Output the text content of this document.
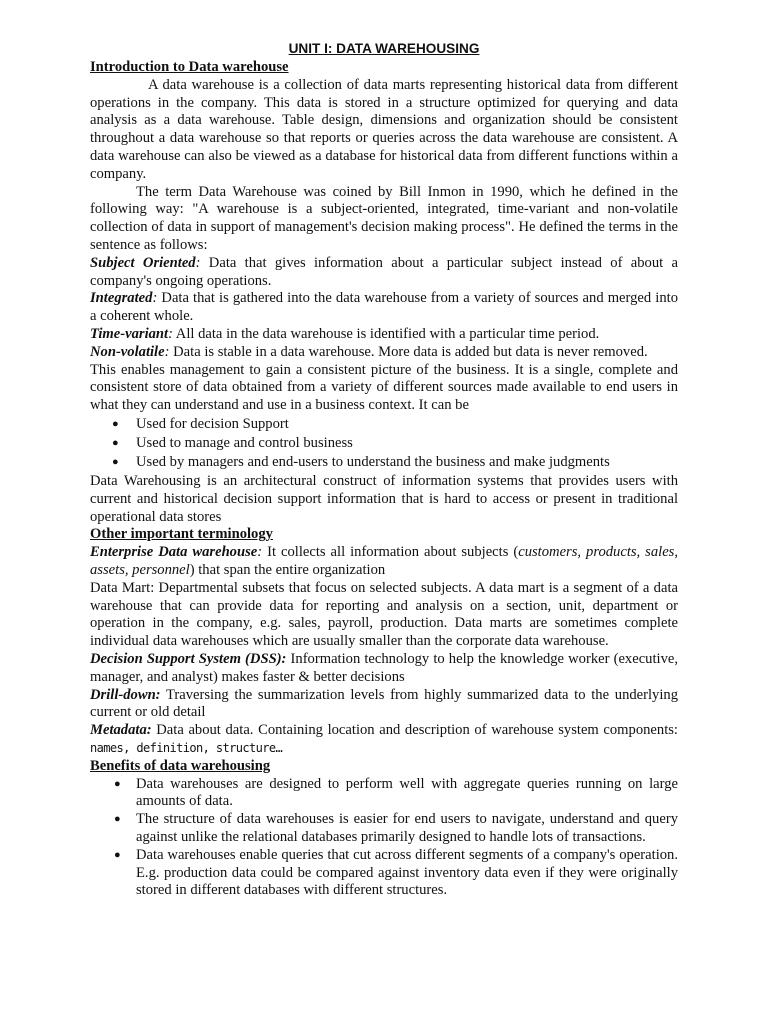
UNIT I: DATA WAREHOUSING
Introduction to Data warehouse

A data warehouse is a collection of data marts representing historical data from different operations in the company. This data is stored in a structure optimized for querying and data analysis as a data warehouse. Table design, dimensions and organization should be consistent throughout a data warehouse so that reports or queries across the data warehouse are consistent. A data warehouse can also be viewed as a database for historical data from different functions within a company.

The term Data Warehouse was coined by Bill Inmon in 1990, which he defined in the following way: "A warehouse is a subject-oriented, integrated, time-variant and non-volatile collection of data in support of management's decision making process". He defined the terms in the sentence as follows:

Subject Oriented: Data that gives information about a particular subject instead of about a company's ongoing operations.

Integrated: Data that is gathered into the data warehouse from a variety of sources and merged into a coherent whole.

Time-variant: All data in the data warehouse is identified with a particular time period.

Non-volatile: Data is stable in a data warehouse. More data is added but data is never removed.

This enables management to gain a consistent picture of the business. It is a single, complete and consistent store of data obtained from a variety of different sources made available to end users in what they can understand and use in a business context. It can be

● Used for decision Support
● Used to manage and control business
● Used by managers and end-users to understand the business and make judgments

Data Warehousing is an architectural construct of information systems that provides users with current and historical decision support information that is hard to access or present in traditional operational data stores

Other important terminology

Enterprise Data warehouse: It collects all information about subjects (customers, products, sales, assets, personnel) that span the entire organization

Data Mart: Departmental subsets that focus on selected subjects. A data mart is a segment of a data warehouse that can provide data for reporting and analysis on a section, unit, department or operation in the company, e.g. sales, payroll, production. Data marts are sometimes complete individual data warehouses which are usually smaller than the corporate data warehouse.

Decision Support System (DSS): Information technology to help the knowledge worker (executive, manager, and analyst) makes faster & better decisions

Drill-down: Traversing the summarization levels from highly summarized data to the underlying current or old detail

Metadata: Data about data. Containing location and description of warehouse system components: names, definition, structure…

Benefits of data warehousing
● Data warehouses are designed to perform well with aggregate queries running on large amounts of data.
● The structure of data warehouses is easier for end users to navigate, understand and query against unlike the relational databases primarily designed to handle lots of transactions.
● Data warehouses enable queries that cut across different segments of a company's operation. E.g. production data could be compared against inventory data even if they were originally stored in different databases with different structures.
